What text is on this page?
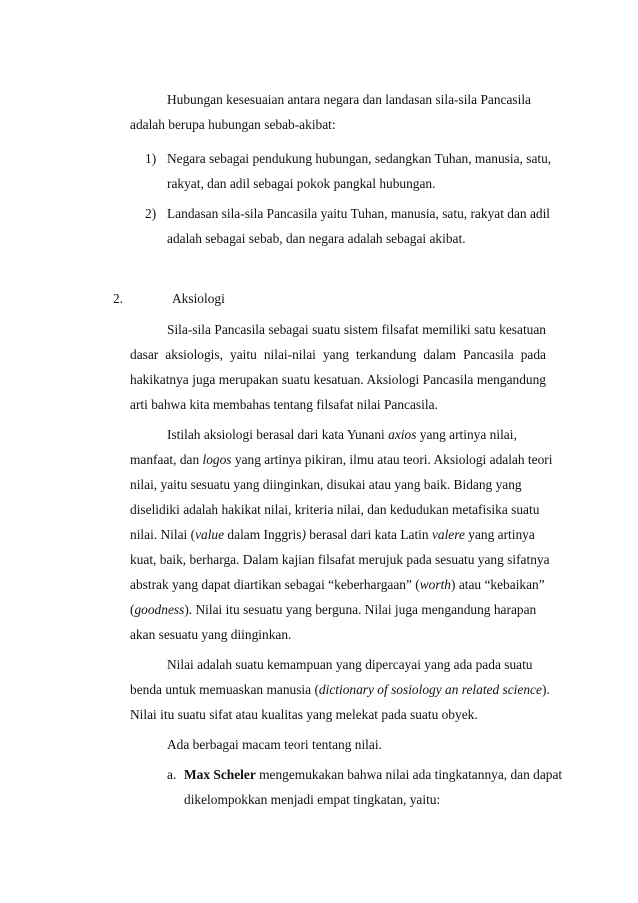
Hubungan kesesuaian antara negara dan landasan sila-sila Pancasila
adalah berupa hubungan sebab-akibat:
1) Negara sebagai pendukung hubungan, sedangkan Tuhan, manusia, satu,
rakyat, dan adil sebagai pokok pangkal hubungan.
2) Landasan sila-sila Pancasila yaitu Tuhan, manusia, satu, rakyat dan adil
adalah sebagai sebab, dan negara adalah sebagai akibat.
2.	Aksiologi
Sila-sila Pancasila sebagai suatu sistem filsafat memiliki satu kesatuan
dasar aksiologis, yaitu nilai-nilai yang terkandung dalam Pancasila pada
hakikatnya juga merupakan suatu kesatuan. Aksiologi Pancasila mengandung
arti bahwa kita membahas tentang filsafat nilai Pancasila.
Istilah aksiologi berasal dari kata Yunani axios yang artinya nilai,
manfaat, dan logos yang artinya pikiran, ilmu atau teori. Aksiologi adalah teori
nilai, yaitu sesuatu yang diinginkan, disukai atau yang baik. Bidang yang
diselidiki adalah hakikat nilai, kriteria nilai, dan kedudukan metafisika suatu
nilai. Nilai (value dalam Inggris) berasal dari kata Latin valere yang artinya
kuat, baik, berharga. Dalam kajian filsafat merujuk pada sesuatu yang sifatnya
abstrak yang dapat diartikan sebagai “keberhargaan” (worth) atau “kebaikan”
(goodness). Nilai itu sesuatu yang berguna. Nilai juga mengandung harapan
akan sesuatu yang diinginkan.
Nilai adalah suatu kemampuan yang dipercayai yang ada pada suatu
benda untuk memuaskan manusia (dictionary of sosiology an related science).
Nilai itu suatu sifat atau kualitas yang melekat pada suatu obyek.
Ada berbagai macam teori tentang nilai.
a. Max Scheler mengemukakan bahwa nilai ada tingkatannya, dan dapat
dikelompokkan menjadi empat tingkatan, yaitu:
